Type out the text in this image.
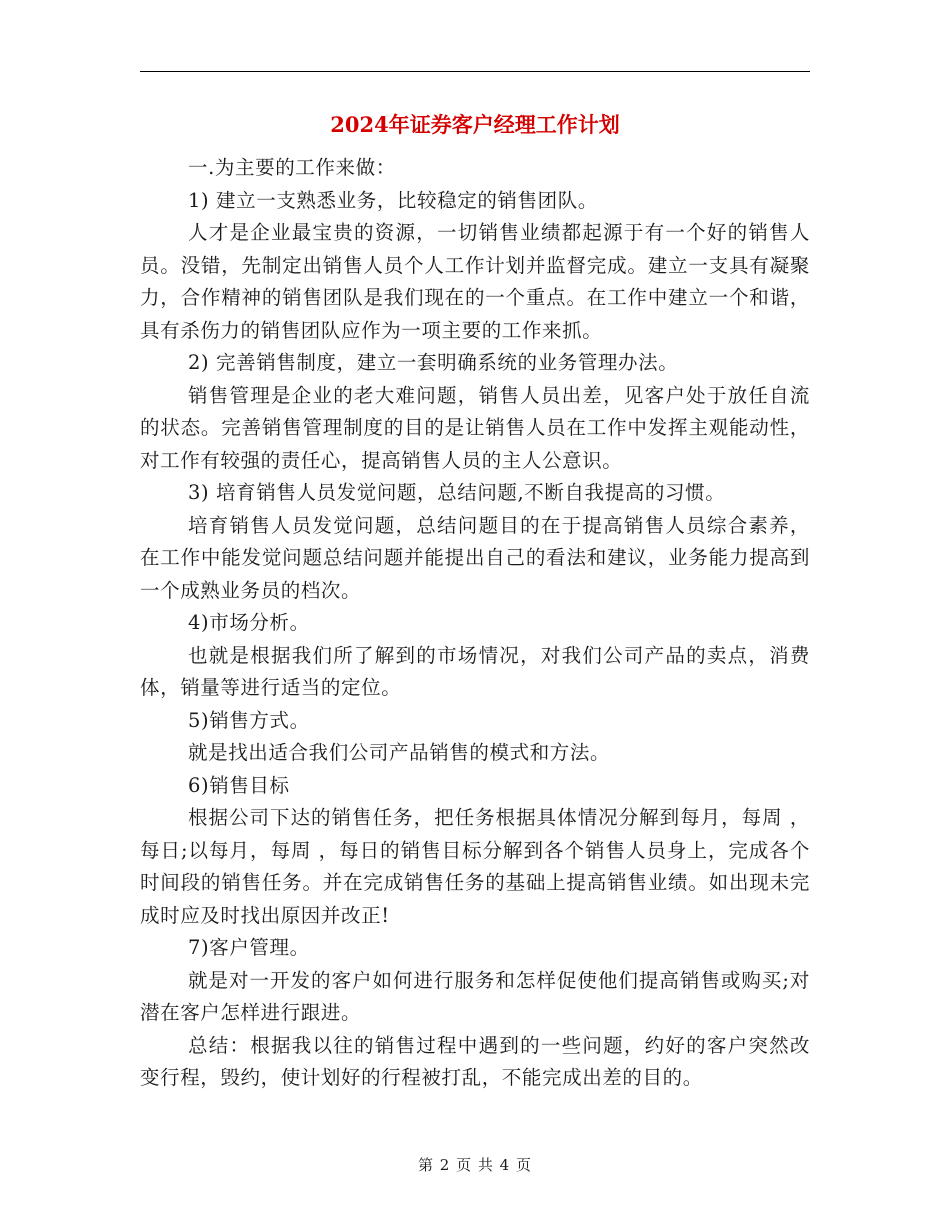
2024年证券客户经理工作计划

一.为主要的工作来做：

1) 建立一支熟悉业务，比较稳定的销售团队。

人才是企业最宝贵的资源，一切销售业绩都起源于有一个好的销售人员。没错，先制定出销售人员个人工作计划并监督完成。建立一支具有凝聚力，合作精神的销售团队是我们现在的一个重点。在工作中建立一个和谐，具有杀伤力的销售团队应作为一项主要的工作来抓。

2) 完善销售制度，建立一套明确系统的业务管理办法。

销售管理是企业的老大难问题，销售人员出差，见客户处于放任自流的状态。完善销售管理制度的目的是让销售人员在工作中发挥主观能动性，对工作有较强的责任心，提高销售人员的主人公意识。

3) 培育销售人员发觉问题，总结问题,不断自我提高的习惯。

培育销售人员发觉问题，总结问题目的在于提高销售人员综合素养，在工作中能发觉问题总结问题并能提出自己的看法和建议，业务能力提高到一个成熟业务员的档次。

4)市场分析。

也就是根据我们所了解到的市场情况，对我们公司产品的卖点，消费体，销量等进行适当的定位。

5)销售方式。

就是找出适合我们公司产品销售的模式和方法。

6)销售目标

根据公司下达的销售任务，把任务根据具体情况分解到每月，每周 ，每日;以每月，每周 ，每日的销售目标分解到各个销售人员身上，完成各个时间段的销售任务。并在完成销售任务的基础上提高销售业绩。如出现未完成时应及时找出原因并改正!

7)客户管理。

就是对一开发的客户如何进行服务和怎样促使他们提高销售或购买;对潜在客户怎样进行跟进。

总结：根据我以往的销售过程中遇到的一些问题，约好的客户突然改变行程，毁约，使计划好的行程被打乱，不能完成出差的目的。

第 2 页 共 4 页
